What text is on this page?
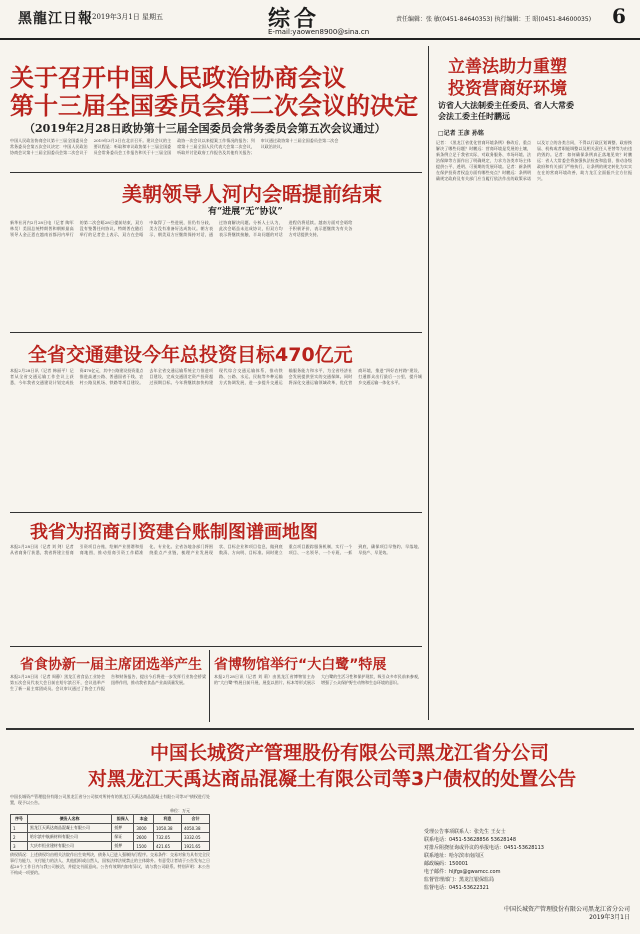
黑龍江日報 2019年3月1日 星期五	综合
E-mail:yaowen8900@sina.cn
责任编辑：张 敏(0451-84640353) 执行编辑：王 昭(0451-84600035) 6
关于召开中国人民政治协商会议
第十三届全国委员会第二次会议的决定
（2019年2月28日政协第十三届全国委员会常务委员会第五次会议通过）
中国人民政治协商会议第十三届全国委员会常务委员会第五次会议决定：中国人民政治协商会议第十三届全国委员会第二次会议于2019年3月3日在北京召开。建议会议的主要议程是：听取和审议政协第十三届全国委员会常务委员会工作报告和关于十三届全国政协一次会议以来提案工作情况的报告；列席第十三届全国人民代表大会第二次会议，听取并讨论政府工作报告及其他有关报告；审议通过政协第十三届全国委员会第二次会议政治决议。
立善法助力重塑
投资营商好环境
访省人大法制委主任委员、省人大常委
会法工委主任时鹏远
□记者 王彦 孙铭
记者：《黑龙江省优化营商环境条例》修改后，重点解决了哪些问题？时鹏远：营商环境是发展的土壤，新条例立足于我省实际，对政务服务、市场环境、法治保障等方面作出了明确规定，力求为各类市场主体提供公平、透明、可预期的发展环境。记者：新条例在保护投资者权益方面有哪些亮点？时鹏远：条例明确规定政府及有关部门应当履行依法作出的政策承诺以及订立的各类合同，不得以行政区划调整、政府换届、机构或者职能调整以及相关责任人更替等为由违约毁约。记者：如何确保条例真正落地见效？时鹏远：省人大常委会将加强执法检查和监督，推动各级政府和有关部门严格执行，让条例的规定转化为实实在在的营商环境改善，助力龙江全面振兴全方位振兴。
美朝领导人河内会晤提前结束
有“进展”无“协议”
新华社河内2月28日电（记者 陶军 林昊）美国总统特朗普和朝鲜最高领导人金正恩在越南首都河内举行的第二次会晤28日提前结束，双方没有签署任何协议。特朗普在随后举行的记者会上表示，双方在会晤中取得了一些进展，但仍有分歧，美方没有准备好达成协议。朝方表示，朝美双方应继续保持对话，通过协商解决问题。分析人士认为，此次会晤虽未达成协议，但双方均表示将继续接触，半岛问题的对话进程仍将延续。越南方面对会晤给予积极评价，表示愿继续为有关各方对话提供支持。
全省交通建设今年总投资目标470亿元
本报2月28日讯（记者 韩丽平）记者从全省交通运输工作会议上获悉，今年我省交通建设计划完成投资470亿元，其中公路建设投资重点推进高速公路、普通国省干线、农村公路及机场、铁路等项目建设。去年全省交通运输系统全力推进项目建设，完成交通固定资产投资超过预期目标。今年将继续加快构建现代综合交通运输体系，推动铁路、公路、水运、民航等多种运输方式协调发展，进一步提升交通运输服务能力和水平，为全省经济社会发展提供坚实的交通保障。同时将深化交通运输领域改革，优化营商环境，推进“四好农村路”建设，打通群众出行最后一公里，提升城乡交通运输一体化水平。
我省为招商引资建台账制图谱画地图
本报2月28日讯（记者 刘 剑）记者从省商务厅获悉，我省将建立招商引资项目台账，绘制产业图谱和招商地图，推动招商引资工作精准化、专业化。全省各地各部门将围绕重点产业链，梳理产业发展现状、目标企业和项目信息，做到底数清、方向明、目标准。同时建立重点项目跟踪服务机制，实行一个项目、一名领导、一个专班、一抓到底，确保项目早签约、早落地、早投产、早见效。
省食协新一届主席团选举产生
本报2月28日讯（记者 周静）黑龙江省食品工业协会第五次会员代表大会日前在哈尔滨召开，会议选举产生了新一届主席团成员。会议审议通过了协会工作报告和财务报告，提出今后将进一步发挥行业协会桥梁纽带作用，推动我省食品产业高质量发展。
省博物馆举行“大白鹭”特展
本报2月28日讯（记者 刘 莉）由黑龙江省博物馆主办的“大白鹭”特展日前开展，展览以图片、标本等形式展示大白鹭的生活习性和保护现状，吸引众多市民前来参观，增强了公众保护野生动物和生态环境的意识。
中国长城资产管理股份有限公司黑龙江省分公司
对黑龙江天禹达商品混凝土有限公司等3户债权的处置公告
中国长城资产管理股份有限公司黑龙江省分公司拟对所持有的黑龙江天禹达商品混凝土有限公司等3户债权进行处置，现予以公告。
单位：万元
序号	债务人名称	担保人	本金	利息	合计
1	黑龙江天禹达商品混凝土有限公司	抵押	3000	1050.38	4050.38
2	哈尔滨中航新材料有限公司	保证	2600	732.05	3332.05
3	大庆市恒业建材有限公司	抵押	1500	421.65	1921.65
债权情况：上述债权均由相关法院作出生效判决，债务人已进入强制执行程序。交易条件：交易对象为具有完全民事行为能力、支付能力的法人、其他组织或自然人，国家法律法规禁止的主体除外。有意受让者请于公告发布之日起20个工作日内与我公司接洽，并提交书面意向。公告有效期内如有异议，请与我公司联系。特别声明：本公告不构成一项要约。
受理公告事项联系人：张先生 王女士
联系电话：0451-53628856 53628148
对排斥阻挠征询或异议的举报电话：0451-53628113
联系地址：哈尔滨市南岗区
邮政编码：150001
电子邮件：hljfgs@gwamcc.com
监督管理部门：黑龙江银保监局
监督电话：0451-53622321
中国长城资产管理股份有限公司黑龙江省分公司
2019年3月1日
